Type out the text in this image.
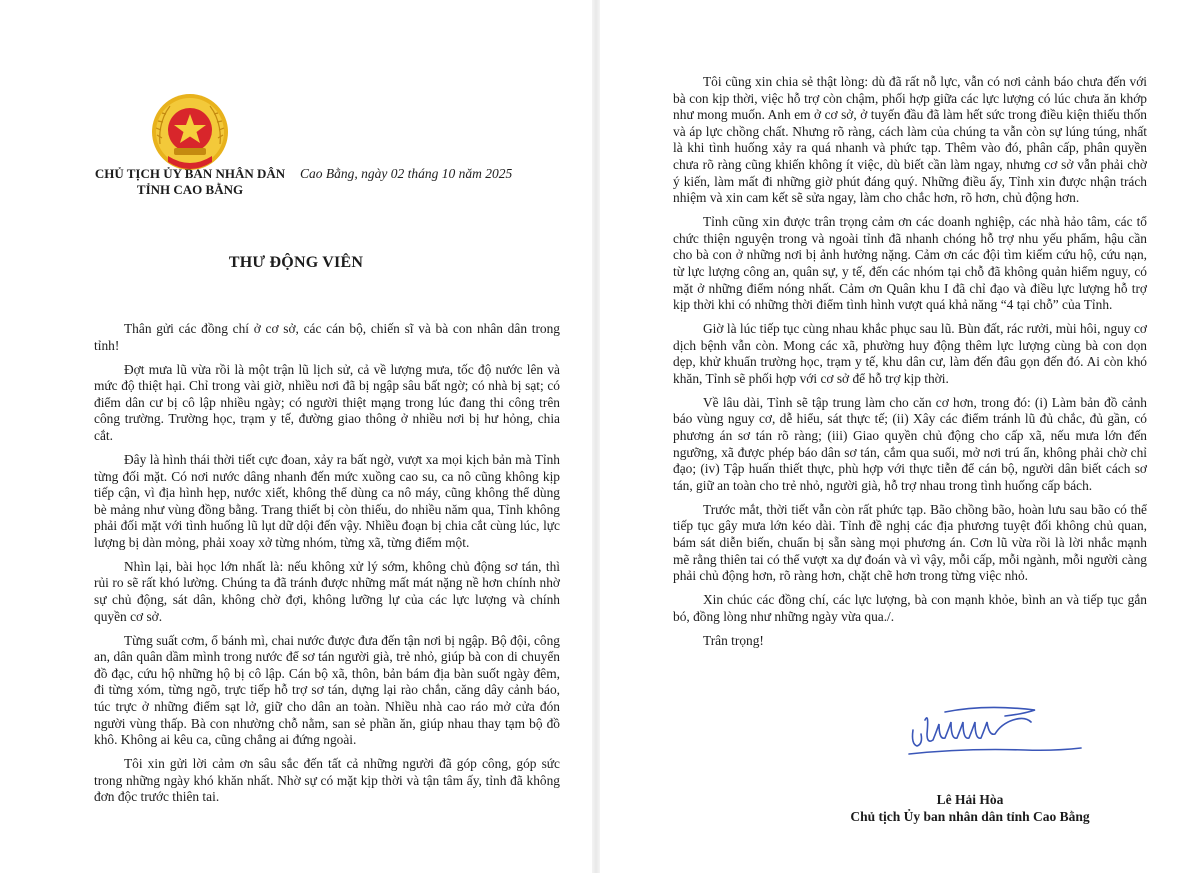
CHỦ TỊCH ỦY BAN NHÂN DÂN
TỈNH CAO BẰNG
Cao Bằng, ngày 02 tháng 10 năm 2025
THƯ ĐỘNG VIÊN

Thân gửi các đồng chí ở cơ sở, các cán bộ, chiến sĩ và bà con nhân dân trong tỉnh!

Đợt mưa lũ vừa rồi là một trận lũ lịch sử, cả về lượng mưa, tốc độ nước lên và mức độ thiệt hại. Chỉ trong vài giờ, nhiều nơi đã bị ngập sâu bất ngờ; có nhà bị sạt; có điểm dân cư bị cô lập nhiều ngày; có người thiệt mạng trong lúc đang thi công trên công trường. Trường học, trạm y tế, đường giao thông ở nhiều nơi bị hư hỏng, chia cắt.

Đây là hình thái thời tiết cực đoan, xảy ra bất ngờ, vượt xa mọi kịch bản mà Tỉnh từng đối mặt. Có nơi nước dâng nhanh đến mức xuồng cao su, ca nô cũng không kịp tiếp cận, vì địa hình hẹp, nước xiết, không thể dùng ca nô máy, cũng không thể dùng bè mảng như vùng đồng bằng. Trang thiết bị còn thiếu, do nhiều năm qua, Tỉnh không phải đối mặt với tình huống lũ lụt dữ dội đến vậy. Nhiều đoạn bị chia cắt cùng lúc, lực lượng bị dàn mỏng, phải xoay xở từng nhóm, từng xã, từng điểm một.

Nhìn lại, bài học lớn nhất là: nếu không xử lý sớm, không chủ động sơ tán, thì rủi ro sẽ rất khó lường. Chúng ta đã tránh được những mất mát nặng nề hơn chính nhờ sự chủ động, sát dân, không chờ đợi, không lưỡng lự của các lực lượng và chính quyền cơ sở.

Từng suất cơm, ổ bánh mì, chai nước được đưa đến tận nơi bị ngập. Bộ đội, công an, dân quân dầm mình trong nước để sơ tán người già, trẻ nhỏ, giúp bà con di chuyển đồ đạc, cứu hộ những hộ bị cô lập. Cán bộ xã, thôn, bản bám địa bàn suốt ngày đêm, đi từng xóm, từng ngõ, trực tiếp hỗ trợ sơ tán, dựng lại rào chắn, căng dây cảnh báo, túc trực ở những điểm sạt lở, giữ cho dân an toàn. Nhiều nhà cao ráo mở cửa đón người vùng thấp. Bà con nhường chỗ nằm, san sẻ phần ăn, giúp nhau thay tạm bộ đồ khô. Không ai kêu ca, cũng chẳng ai đứng ngoài.

Tôi xin gửi lời cảm ơn sâu sắc đến tất cả những người đã góp công, góp sức trong những ngày khó khăn nhất. Nhờ sự có mặt kịp thời và tận tâm ấy, tỉnh đã không đơn độc trước thiên tai.

Tôi cũng xin chia sẻ thật lòng: dù đã rất nỗ lực, vẫn có nơi cảnh báo chưa đến với bà con kịp thời, việc hỗ trợ còn chậm, phối hợp giữa các lực lượng có lúc chưa ăn khớp như mong muốn. Anh em ở cơ sở, ở tuyến đầu đã làm hết sức trong điều kiện thiếu thốn và áp lực chồng chất. Nhưng rõ ràng, cách làm của chúng ta vẫn còn sự lúng túng, nhất là khi tình huống xảy ra quá nhanh và phức tạp. Thêm vào đó, phân cấp, phân quyền chưa rõ ràng cũng khiến không ít việc, dù biết cần làm ngay, nhưng cơ sở vẫn phải chờ ý kiến, làm mất đi những giờ phút đáng quý. Những điều ấy, Tỉnh xin được nhận trách nhiệm và xin cam kết sẽ sửa ngay, làm cho chắc hơn, rõ hơn, chủ động hơn.

Tỉnh cũng xin được trân trọng cảm ơn các doanh nghiệp, các nhà hảo tâm, các tổ chức thiện nguyện trong và ngoài tỉnh đã nhanh chóng hỗ trợ nhu yếu phẩm, hậu cần cho bà con ở những nơi bị ảnh hưởng nặng. Cảm ơn các đội tìm kiếm cứu hộ, cứu nạn, từ lực lượng công an, quân sự, y tế, đến các nhóm tại chỗ đã không quản hiểm nguy, có mặt ở những điểm nóng nhất. Cảm ơn Quân khu I đã chỉ đạo và điều lực lượng hỗ trợ kịp thời khi có những thời điểm tình hình vượt quá khả năng “4 tại chỗ” của Tỉnh.

Giờ là lúc tiếp tục cùng nhau khắc phục sau lũ. Bùn đất, rác rưởi, mùi hôi, nguy cơ dịch bệnh vẫn còn. Mong các xã, phường huy động thêm lực lượng cùng bà con dọn dẹp, khử khuẩn trường học, trạm y tế, khu dân cư, làm đến đâu gọn đến đó. Ai còn khó khăn, Tỉnh sẽ phối hợp với cơ sở để hỗ trợ kịp thời.

Về lâu dài, Tỉnh sẽ tập trung làm cho căn cơ hơn, trong đó: (i) Làm bản đồ cảnh báo vùng nguy cơ, dễ hiểu, sát thực tế; (ii) Xây các điểm tránh lũ đủ chắc, đủ gần, có phương án sơ tán rõ ràng; (iii) Giao quyền chủ động cho cấp xã, nếu mưa lớn đến ngưỡng, xã được phép báo dân sơ tán, cắm qua suối, mở nơi trú ẩn, không phải chờ chỉ đạo; (iv) Tập huấn thiết thực, phù hợp với thực tiễn để cán bộ, người dân biết cách sơ tán, giữ an toàn cho trẻ nhỏ, người già, hỗ trợ nhau trong tình huống cấp bách.

Trước mắt, thời tiết vẫn còn rất phức tạp. Bão chồng bão, hoàn lưu sau bão có thể tiếp tục gây mưa lớn kéo dài. Tỉnh đề nghị các địa phương tuyệt đối không chủ quan, bám sát diễn biến, chuẩn bị sẵn sàng mọi phương án. Cơn lũ vừa rồi là lời nhắc mạnh mẽ rằng thiên tai có thể vượt xa dự đoán và vì vậy, mỗi cấp, mỗi ngành, mỗi người càng phải chủ động hơn, rõ ràng hơn, chặt chẽ hơn trong từng việc nhỏ.

Xin chúc các đồng chí, các lực lượng, bà con mạnh khỏe, bình an và tiếp tục gắn bó, đồng lòng như những ngày vừa qua./.

Trân trọng!

Lê Hải Hòa
Chủ tịch Ủy ban nhân dân tỉnh Cao Bằng
